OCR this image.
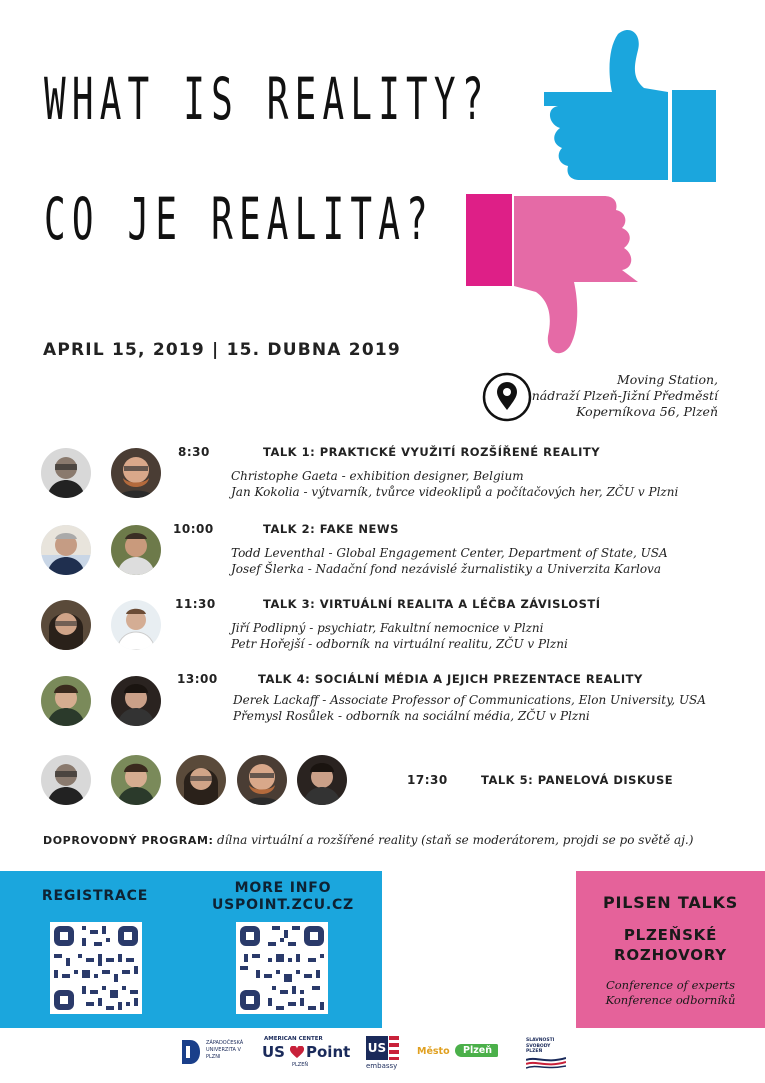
WHAT IS REALITY?
CO JE REALITA?
APRIL 15, 2019 | 15. DUBNA 2019
Moving Station,
nádraží Plzeň-Jižní Předměstí
Koperníkova 56, Plzeň
8:30	TALK 1: PRAKTICKÉ VYUŽITÍ ROZŠÍŘENÉ REALITY
Christophe Gaeta - exhibition designer, Belgium
Jan Kokolia - výtvarník, tvůrce videoklipů a počítačových her, ZČU v Plzni
10:00	TALK 2: FAKE NEWS
Todd Leventhal - Global Engagement Center, Department of State, USA
Josef Šlerka - Nadační fond nezávislé žurnalistiky a Univerzita Karlova
11:30	TALK 3: VIRTUÁLNÍ REALITA A LÉČBA ZÁVISLOSTÍ
Jiří Podlipný - psychiatr, Fakultní nemocnice v Plzni
Petr Hořejší - odborník na virtuální realitu, ZČU v Plzni
13:00	TALK 4: SOCIÁLNÍ MÉDIA A JEJICH PREZENTACE REALITY
Derek Lackaff - Associate Professor of Communications, Elon University, USA
Přemysl Rosůlek - odborník na sociální média, ZČU v Plzni
17:30	TALK 5: PANELOVÁ DISKUSE
DOPROVODNÝ PROGRAM: dílna virtuální a rozšířené reality (staň se moderátorem, projdi se po světě aj.)
REGISTRACE	MORE INFO
USPOINT.ZCU.CZ	PILSEN TALKS
PLZEŇSKÉ
ROZHOVORY
Conference of experts
Konference odborníků
ZÁPADOČESKÁ UNIVERZITA V PLZNI
AMERICAN CENTER
US Point
PLZEŇ
US
embassy
Město	Plzeň
SLAVNOSTI SVOBODY PLZEŇ
